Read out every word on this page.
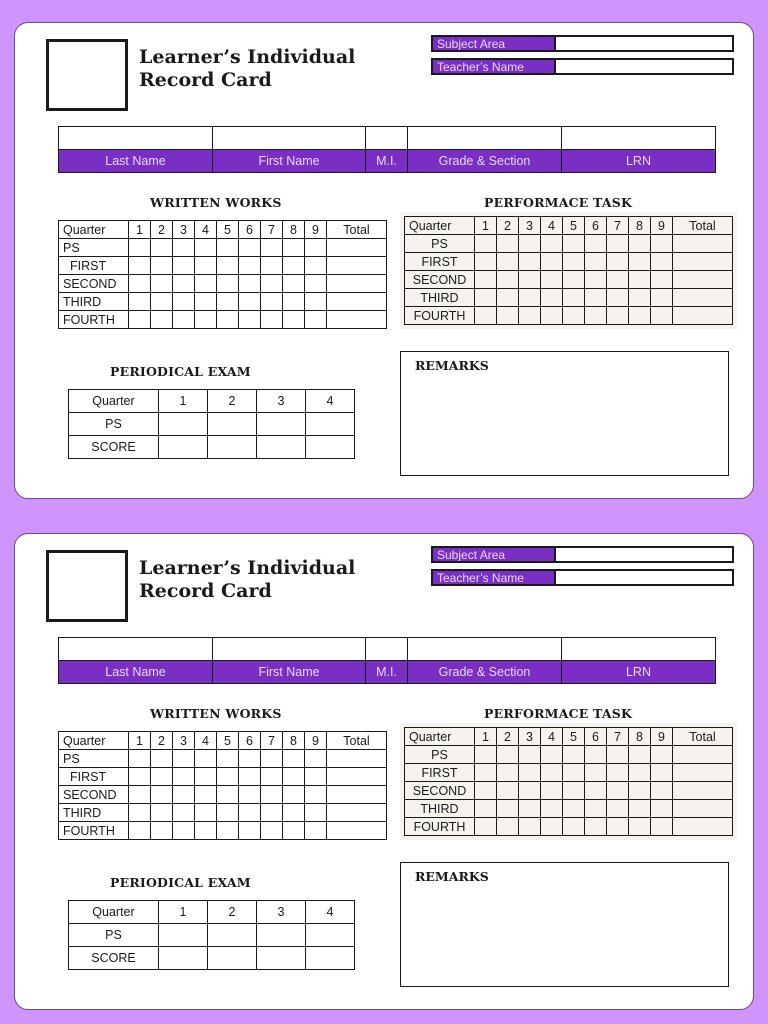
Learner’s Individual
Record Card
Subject Area
Teacher’s Name

Last Name	First Name	M.I.	Grade & Section	LRN
WRITTEN WORKS
Quarter	1	2	3	4	5	6	7	8	9	Total
PS										
FIRST										
SECOND										
THIRD										
FOURTH										
PERFORMACE TASK
Quarter	1	2	3	4	5	6	7	8	9	Total
PS										
FIRST										
SECOND										
THIRD										
FOURTH										
PERIODICAL EXAM
Quarter	1	2	3	4
PS				
SCORE				
REMARKS
Learner’s Individual
Record Card
Subject Area
Teacher’s Name

Last Name	First Name	M.I.	Grade & Section	LRN
WRITTEN WORKS
Quarter	1	2	3	4	5	6	7	8	9	Total
PS										
FIRST										
SECOND										
THIRD										
FOURTH										
PERFORMACE TASK
Quarter	1	2	3	4	5	6	7	8	9	Total
PS										
FIRST										
SECOND										
THIRD										
FOURTH										
PERIODICAL EXAM
Quarter	1	2	3	4
PS				
SCORE				
REMARKS
